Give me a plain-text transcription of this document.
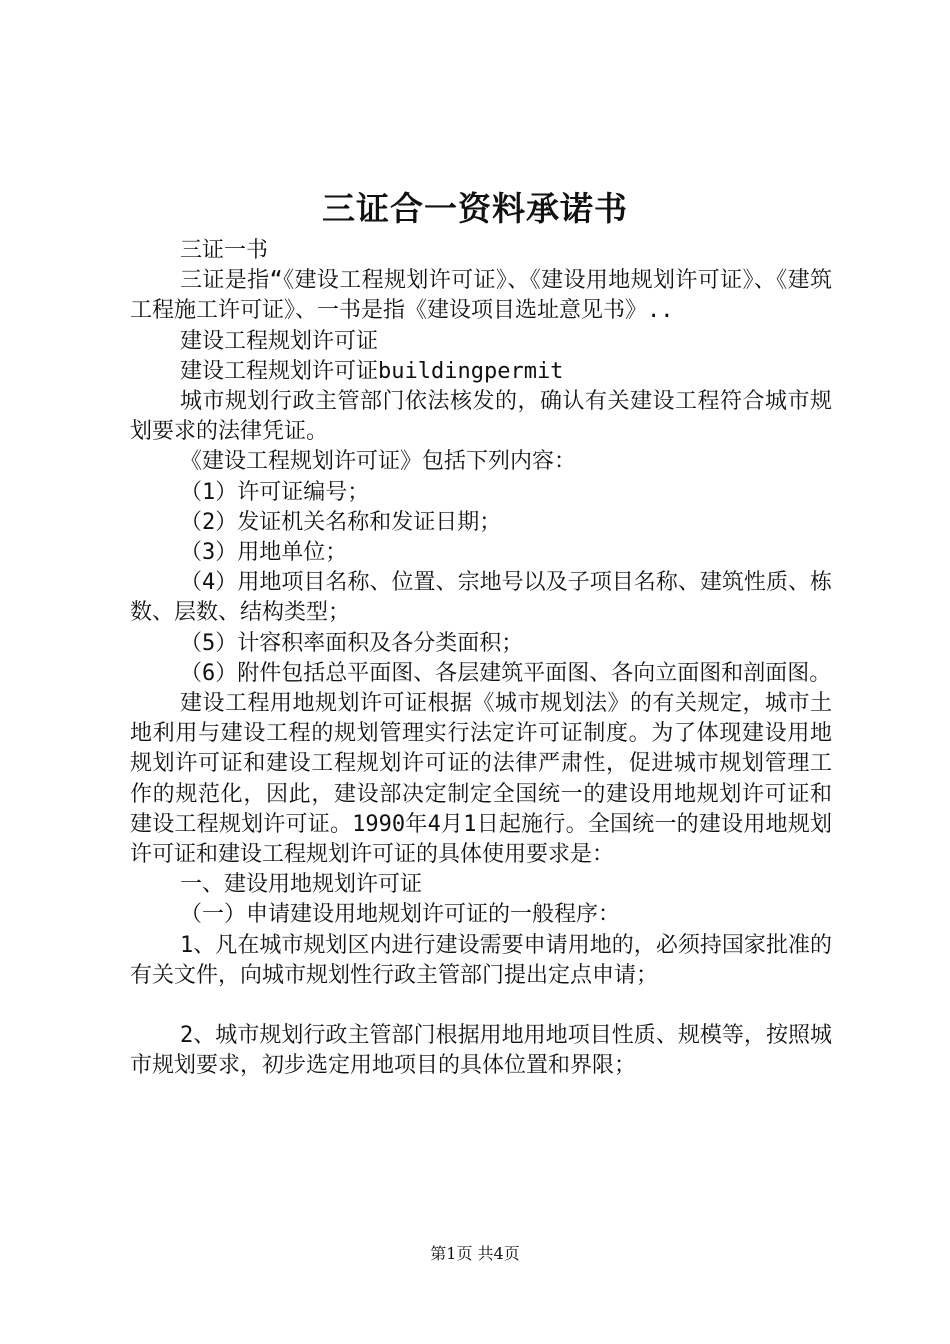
三证合一资料承诺书

三证一书

三证是指“《建设工程规划许可证》、《建设用地规划许可证》、《建筑工程施工许可证》、一书是指《建设项目选址意见书》..

建设工程规划许可证

建设工程规划许可证buildingpermit

城市规划行政主管部门依法核发的，确认有关建设工程符合城市规划要求的法律凭证。

《建设工程规划许可证》包括下列内容：

（1）许可证编号；

（2）发证机关名称和发证日期；

（3）用地单位；

（4）用地项目名称、位置、宗地号以及子项目名称、建筑性质、栋数、层数、结构类型；

（5）计容积率面积及各分类面积；

（6）附件包括总平面图、各层建筑平面图、各向立面图和剖面图。

建设工程用地规划许可证根据《城市规划法》的有关规定，城市土地利用与建设工程的规划管理实行法定许可证制度。为了体现建设用地规划许可证和建设工程规划许可证的法律严肃性，促进城市规划管理工作的规范化，因此，建设部决定制定全国统一的建设用地规划许可证和建设工程规划许可证。1990年4月1日起施行。全国统一的建设用地规划许可证和建设工程规划许可证的具体使用要求是：

一、建设用地规划许可证

（一）申请建设用地规划许可证的一般程序：

1、凡在城市规划区内进行建设需要申请用地的，必须持国家批准的有关文件，向城市规划性行政主管部门提出定点申请；

2、城市规划行政主管部门根据用地用地项目性质、规模等，按照城市规划要求，初步选定用地项目的具体位置和界限；

第1页 共4页
